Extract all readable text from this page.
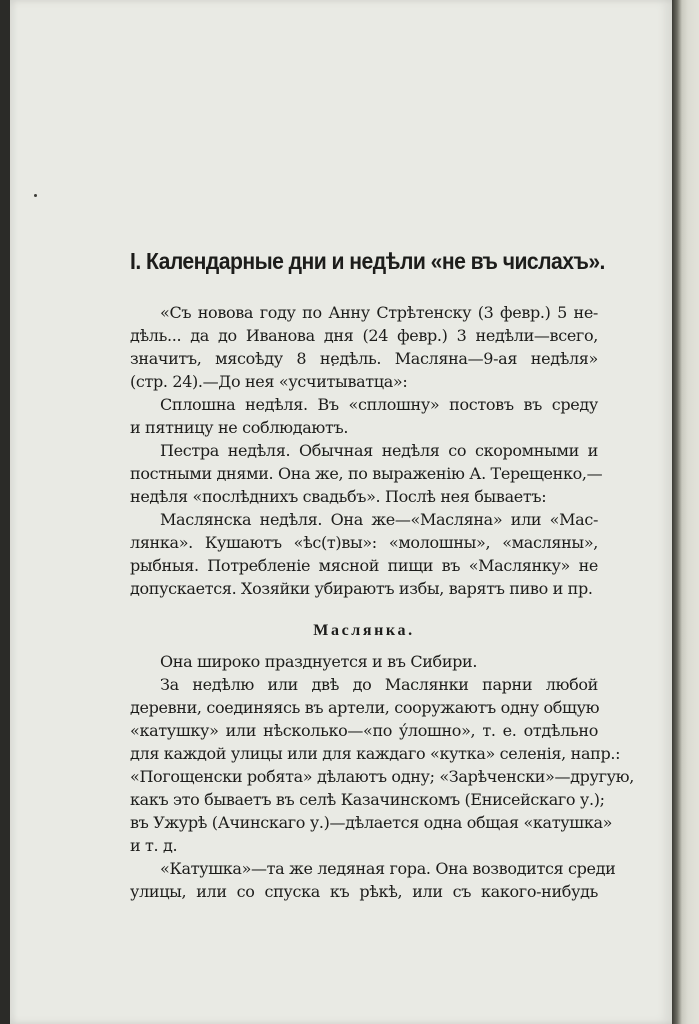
I. Календарные дни и недѣли «не въ числахъ».
«Съ нoвова году по Анну Стрѣтенску (3 февр.) 5 не-
дѣль... да до Иванова дня (24 февр.) 3 недѣли—всего,
значитъ, мясоѣду 8 недѣль. Масляна—9-ая недѣля»
(стр. 24).—До нея «усчитыватца»:
Сплошна недѣля. Въ «сплошну» постовъ въ среду
и пятницу не соблюдаютъ.
Пестра недѣля. Обычная недѣля со скоромными и
постными днями. Она же, по выраженію А. Терещенко,—
недѣля «послѣднихъ свадьбъ». Послѣ нея бываетъ:
Маслянска недѣля. Она же—«Масляна» или «Мас-
лянка». Кушаютъ «ѣс(т)вы»: «молошны», «масляны»,
рыбныя. Потребленіе мясной пищи въ «Маслянку» не
допускается. Хозяйки убираютъ избы, варятъ пиво и пр.
Маслянка.
Она широко празднуется и въ Сибири.
За недѣлю или двѣ до Маслянки парни любой
деревни, соединяясь въ артели, сооружаютъ одну общую
«катушку» или нѣсколько—«по ýлошно», т. е. отдѣльно
для каждой улицы или для каждаго «кутка» селенія, напр.:
«Погощенски робята» дѣлаютъ одну; «Зарѣченски»—другую,
какъ это бываетъ въ селѣ Казачинскомъ (Енисейскаго у.);
въ Ужурѣ (Ачинскаго у.)—дѣлается одна общая «катушка»
и т. д.
«Катушка»—та же ледяная гора. Она возводится среди
улицы, или со спуска къ рѣкѣ, или съ какого-нибудь
